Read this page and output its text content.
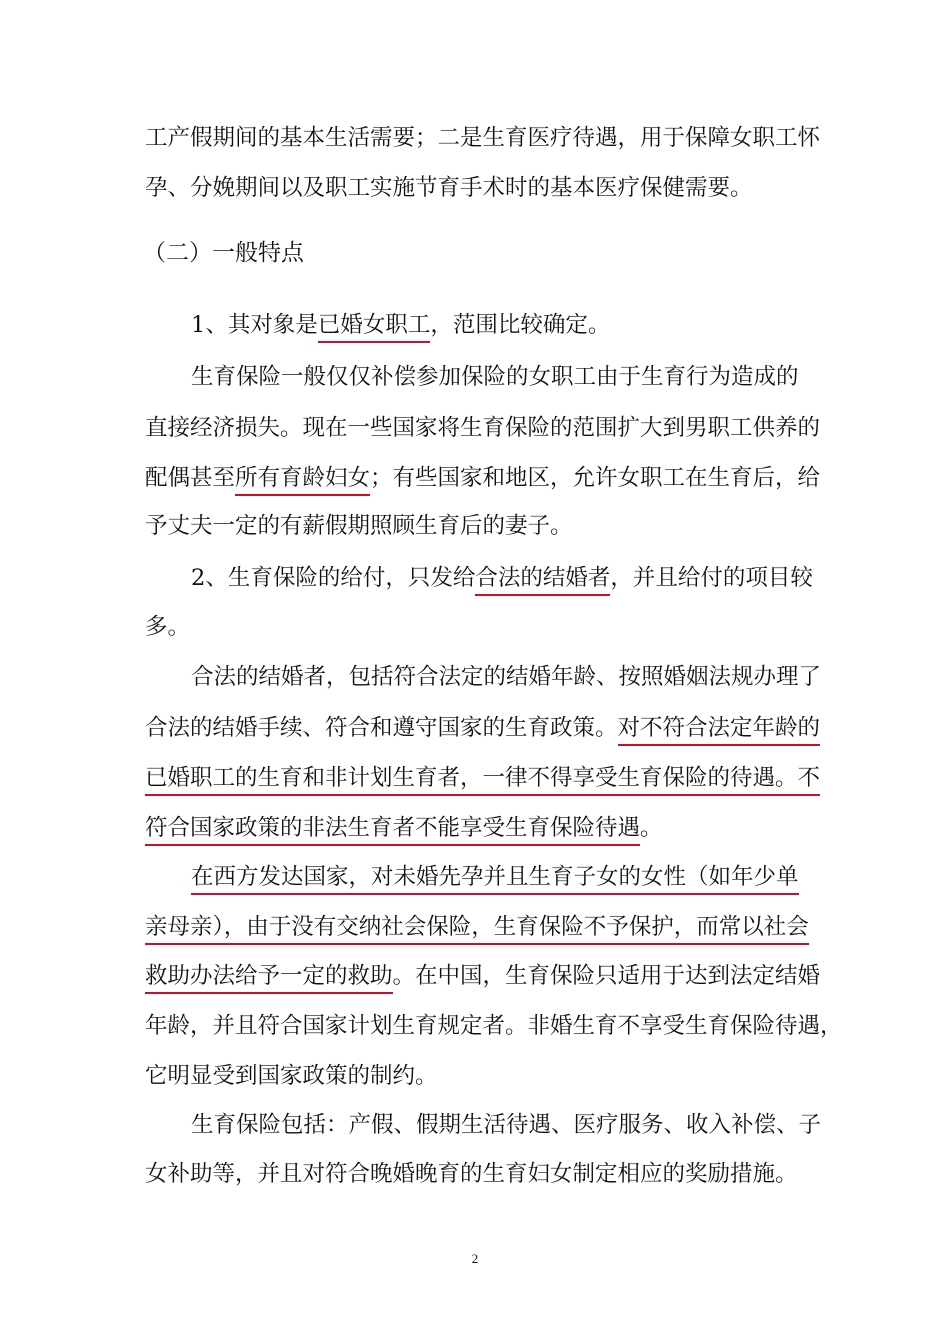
工产假期间的基本生活需要；二是生育医疗待遇，用于保障女职工怀
孕、分娩期间以及职工实施节育手术时的基本医疗保健需要。
（二）一般特点
1、其对象是已婚女职工，范围比较确定。
生育保险一般仅仅补偿参加保险的女职工由于生育行为造成的
直接经济损失。现在一些国家将生育保险的范围扩大到男职工供养的
配偶甚至所有育龄妇女；有些国家和地区，允许女职工在生育后，给
予丈夫一定的有薪假期照顾生育后的妻子。
2、生育保险的给付，只发给合法的结婚者，并且给付的项目较
多。
合法的结婚者，包括符合法定的结婚年龄、按照婚姻法规办理了
合法的结婚手续、符合和遵守国家的生育政策。对不符合法定年龄的
已婚职工的生育和非计划生育者，一律不得享受生育保险的待遇。不
符合国家政策的非法生育者不能享受生育保险待遇。
在西方发达国家，对未婚先孕并且生育子女的女性（如年少单
亲母亲），由于没有交纳社会保险，生育保险不予保护，而常以社会
救助办法给予一定的救助。在中国，生育保险只适用于达到法定结婚
年龄，并且符合国家计划生育规定者。非婚生育不享受生育保险待遇，
它明显受到国家政策的制约。
生育保险包括：产假、假期生活待遇、医疗服务、收入补偿、子
女补助等，并且对符合晚婚晚育的生育妇女制定相应的奖励措施。
2
